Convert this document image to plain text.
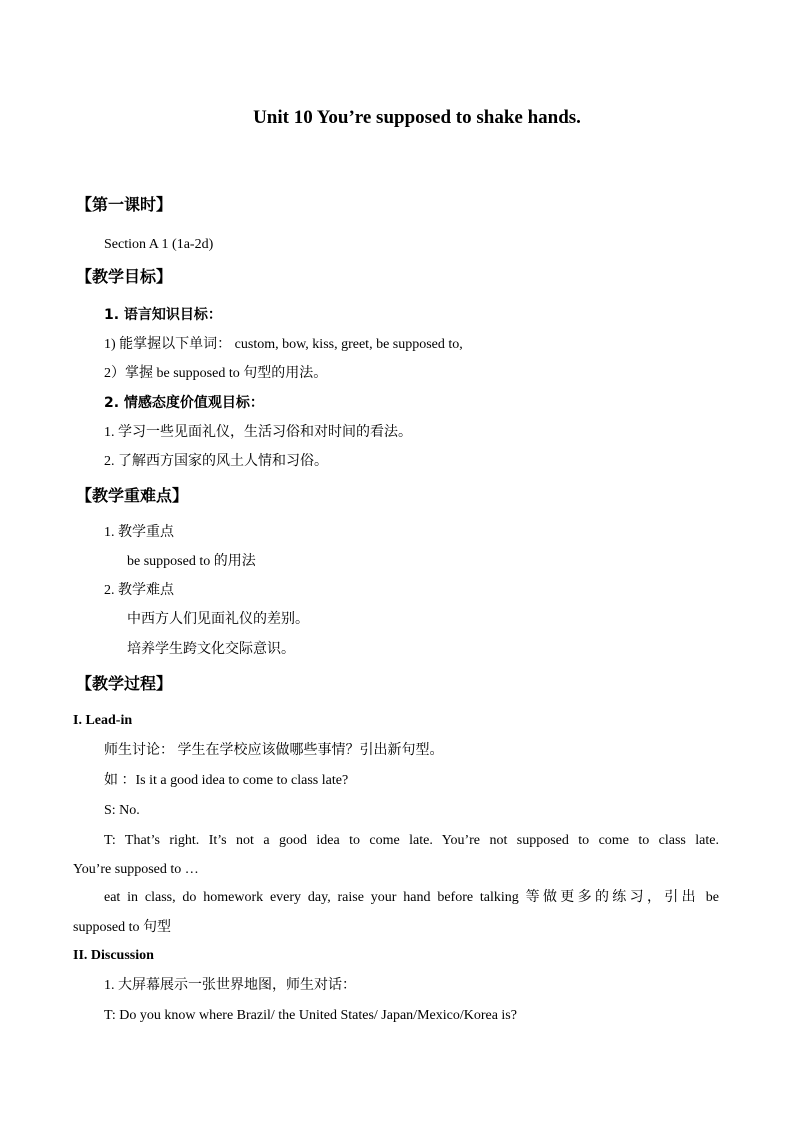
Unit 10 You’re supposed to shake hands.
【第一课时】
Section A 1 (1a-2d)
【教学目标】
1. 语言知识目标：
1) 能掌握以下单词： custom, bow, kiss, greet, be supposed to,
2）掌握 be supposed to 句型的用法。
2. 情感态度价值观目标：
1. 学习一些见面礼仪，生活习俗和对时间的看法。
2. 了解西方国家的风土人情和习俗。
【教学重难点】
1. 教学重点
be supposed to 的用法
2. 教学难点
中西方人们见面礼仪的差别。
培养学生跨文化交际意识。
【教学过程】
I. Lead-in
师生讨论： 学生在学校应该做哪些事情？引出新句型。
如 ：Is it a good idea to come to class late?
S: No.
T: That’s right. It’s not a good idea to come late. You’re not supposed to come to class late.
You’re supposed to …
eat in class, do homework every day, raise your hand before talking 等做更多的练习，引出 be
supposed to 句型
II. Discussion
1. 大屏幕展示一张世界地图，师生对话：
T: Do you know where Brazil/ the United States/ Japan/Mexico/Korea is?
